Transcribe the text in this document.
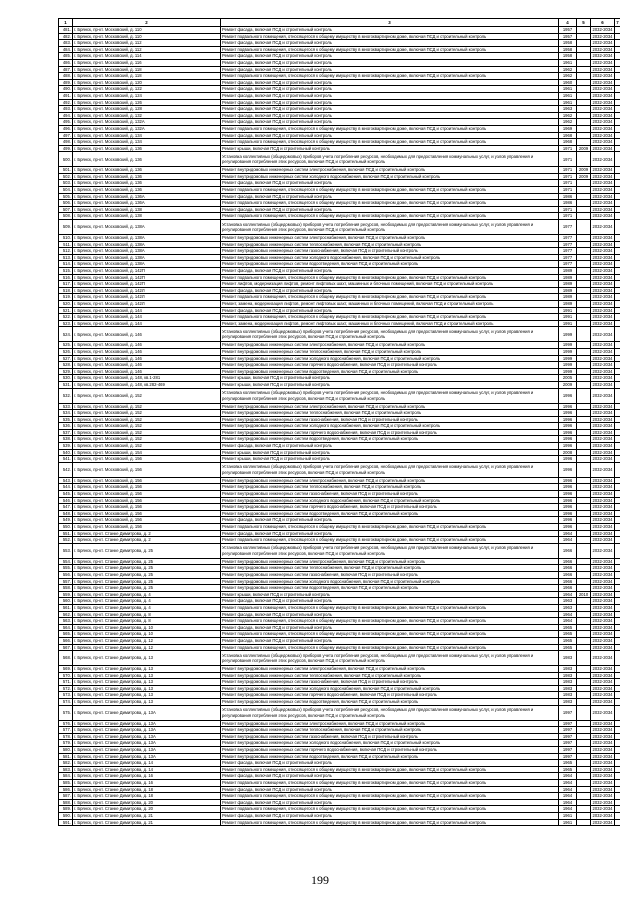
1	2	3	4	5	6	7
481.	г. Брянск, пр-кт. Московский, д. 110	Ремонт фасада, включая ПСД и строительный контроль	1957		2032-2034	
482.	г. Брянск, пр-кт. Московский, д. 110	Ремонт подвального помещения, относящегося к общему имуществу в многоквартирном доме, включая ПСД и строительный контроль	1957		2032-2034	
483.	г. Брянск, пр-кт. Московский, д. 112	Ремонт фасада, включая ПСД и строительный контроль	1958		2032-2034	
484.	г. Брянск, пр-кт. Московский, д. 112	Ремонт подвального помещения, относящегося к общему имуществу в многоквартирном доме, включая ПСД и строительный контроль	1958		2032-2034	
485.	г. Брянск, пр-кт. Московский, д. 114	Ремонт фасада, включая ПСД и строительный контроль	1958		2032-2034	
486.	г. Брянск, пр-кт. Московский, д. 116	Ремонт фасада, включая ПСД и строительный контроль	1961		2032-2034	
487.	г. Брянск, пр-кт. Московский, д. 118	Ремонт фасада, включая ПСД и строительный контроль	1962		2032-2034	
488.	г. Брянск, пр-кт. Московский, д. 118	Ремонт подвального помещения, относящегося к общему имуществу в многоквартирном доме, включая ПСД и строительный контроль	1962		2032-2034	
489.	г. Брянск, пр-кт. Московский, д. 120	Ремонт фасада, включая ПСД и строительный контроль	1960		2032-2034	
490.	г. Брянск, пр-кт. Московский, д. 122	Ремонт фасада, включая ПСД и строительный контроль	1961		2032-2034	
491.	г. Брянск, пр-кт. Московский, д. 124	Ремонт фасада, включая ПСД и строительный контроль	1961		2032-2034	
492.	г. Брянск, пр-кт. Московский, д. 126	Ремонт фасада, включая ПСД и строительный контроль	1961		2032-2034	
493.	г. Брянск, пр-кт. Московский, д. 128	Ремонт фасада, включая ПСД и строительный контроль	1963		2032-2034	
494.	г. Брянск, пр-кт. Московский, д. 132	Ремонт фасада, включая ПСД и строительный контроль	1962		2032-2034	
495.	г. Брянск, пр-кт. Московский, д. 132А	Ремонт фасада, включая ПСД и строительный контроль	1962		2032-2034	
496.	г. Брянск, пр-кт. Московский, д. 132А	Ремонт подвального помещения, относящегося к общему имуществу в многоквартирном доме, включая ПСД и строительный контроль	1969		2032-2034	
497.	г. Брянск, пр-кт. Московский, д. 134	Ремонт фасада, включая ПСД и строительный контроль	1968		2032-2034	
498.	г. Брянск, пр-кт. Московский, д. 134	Ремонт подвального помещения, относящегося к общему имуществу в многоквартирном доме, включая ПСД и строительный контроль	1968		2032-2034	
499.	г. Брянск, пр-кт. Московский, д. 136	Ремонт крыши, включая ПСД и строительный контроль	1971	2009	2032-2034	
500.	г. Брянск, пр-кт. Московский, д. 136	Установка коллективных (общедомовых) приборов учета потребления ресурсов, необходимых для предоставления коммунальных услуг, и узлов управления и регулирования потребления этих ресурсов, включая ПСД и строительный контроль	1971		2032-2034	
501.	г. Брянск, пр-кт. Московский, д. 136	Ремонт внутридомовых инженерных систем электроснабжения, включая ПСД и строительный контроль	1971	2009	2032-2034	
502.	г. Брянск, пр-кт. Московский, д. 136	Ремонт внутридомовых инженерных систем холодного водоснабжения, включая ПСД и строительный контроль	1971	2009	2032-2034	
503.	г. Брянск, пр-кт. Московский, д. 136	Ремонт фасада, включая ПСД и строительный контроль	1971		2032-2034	
504.	г. Брянск, пр-кт. Московский, д. 136	Ремонт подвального помещения, относящегося к общему имуществу в многоквартирном доме, включая ПСД и строительный контроль	1971		2032-2034	
505.	г. Брянск, пр-кт. Московский, д. 136А	Ремонт фасада, включая ПСД и строительный контроль	1986		2032-2034	
506.	г. Брянск, пр-кт. Московский, д. 136А	Ремонт подвального помещения, относящегося к общему имуществу в многоквартирном доме, включая ПСД и строительный контроль	1986		2032-2034	
507.	г. Брянск, пр-кт. Московский, д. 138	Ремонт фасада, включая ПСД и строительный контроль	1971		2032-2034	
508.	г. Брянск, пр-кт. Московский, д. 138	Ремонт подвального помещения, относящегося к общему имуществу в многоквартирном доме, включая ПСД и строительный контроль	1971		2032-2034	
509.	г. Брянск, пр-кт. Московский, д. 138А	Установка коллективных (общедомовых) приборов учета потребления ресурсов, необходимых для предоставления коммунальных услуг, и узлов управления и регулирования потребления этих ресурсов, включая ПСД и строительный контроль	1977		2032-2034	
510.	г. Брянск, пр-кт. Московский, д. 138А	Ремонт внутридомовых инженерных систем электроснабжения, включая ПСД и строительный контроль	1977		2032-2034	
511.	г. Брянск, пр-кт. Московский, д. 138А	Ремонт внутридомовых инженерных систем теплоснабжения, включая ПСД и строительный контроль	1977		2032-2034	
512.	г. Брянск, пр-кт. Московский, д. 138А	Ремонт внутридомовых инженерных систем газоснабжения, включая ПСД и строительный контроль	1977		2032-2034	
513.	г. Брянск, пр-кт. Московский, д. 138А	Ремонт внутридомовых инженерных систем холодного водоснабжения, включая ПСД и строительный контроль	1977		2032-2034	
514.	г. Брянск, пр-кт. Московский, д. 138А	Ремонт внутридомовых инженерных систем водоотведения, включая ПСД и строительный контроль	1977		2032-2034	
515.	г. Брянск, пр-кт. Московский, д. 142П	Ремонт фасада, включая ПСД и строительный контроль	1989		2032-2034	
516.	г. Брянск, пр-кт. Московский, д. 142П	Ремонт подвального помещения, относящегося к общему имуществу в многоквартирном доме, включая ПСД и строительный контроль	1989		2032-2034	
517.	г. Брянск, пр-кт. Московский, д. 142П	Ремонт лифтов, модернизация лифтов, ремонт лифтовых шахт, машинных и блочных помещений, включая ПСД и строительный контроль	1989		2032-2034	
518.	г. Брянск, пр-кт. Московский, д. 142Л	Ремонт фасада, включая ПСД и строительный контроль	1989		2032-2034	
519.	г. Брянск, пр-кт. Московский, д. 142Л	Ремонт подвального помещения, относящегося к общему имуществу в многоквартирном доме, включая ПСД и строительный контроль	1989		2032-2034	
520.	г. Брянск, пр-кт. Московский, д. 142Л	Ремонт, замена, модернизация лифтов, ремонт лифтовых шахт, машинных и блочных помещений, включая ПСД и строительный контроль	1989		2032-2034	
521.	г. Брянск, пр-кт. Московский, д. 144	Ремонт фасада, включая ПСД и строительный контроль	1991		2032-2034	
522.	г. Брянск, пр-кт. Московский, д. 144	Ремонт подвального помещения, относящегося к общему имуществу в многоквартирном доме, включая ПСД и строительный контроль	1991		2032-2034	
523.	г. Брянск, пр-кт. Московский, д. 144	Ремонт, замена, модернизация лифтов, ремонт лифтовых шахт, машинных и блочных помещений, включая ПСД и строительный контроль	1991		2032-2034	
524.	г. Брянск, пр-кт. Московский, д. 146	Установка коллективных (общедомовых) приборов учета потребления ресурсов, необходимых для предоставления коммунальных услуг, и узлов управления и регулирования потребления этих ресурсов, включая ПСД и строительный контроль	1999		2032-2034	
525.	г. Брянск, пр-кт. Московский, д. 146	Ремонт внутридомовых инженерных систем электроснабжения, включая ПСД и строительный контроль	1999		2032-2034	
526.	г. Брянск, пр-кт. Московский, д. 146	Ремонт внутридомовых инженерных систем теплоснабжения, включая ПСД и строительный контроль	1999		2032-2034	
527.	г. Брянск, пр-кт. Московский, д. 146	Ремонт внутридомовых инженерных систем холодного водоснабжения, включая ПСД и строительный контроль	1999		2032-2034	
528.	г. Брянск, пр-кт. Московский, д. 146	Ремонт внутридомовых инженерных систем горячего водоснабжения, включая ПСД и строительный контроль	1999		2032-2034	
529.	г. Брянск, пр-кт. Московский, д. 146	Ремонт внутридомовых инженерных систем водоотведения, включая ПСД и строительный контроль	1999		2032-2034	
530.	г. Брянск, пр-кт. Московский, д. 148, кв.1-281	Ремонт крыши, включая ПСД и строительный контроль	2005		2032-2034	
531.	г. Брянск, пр-кт. Московский, д. 148, кв.282-469	Ремонт крыши, включая ПСД и строительный контроль	2009		2032-2034	
532.	г. Брянск, пр-кт. Московский, д. 152	Установка коллективных (общедомовых) приборов учета потребления ресурсов, необходимых для предоставления коммунальных услуг, и узлов управления и регулирования потребления этих ресурсов, включая ПСД и строительный контроль	1996		2032-2034	
533.	г. Брянск, пр-кт. Московский, д. 152	Ремонт внутридомовых инженерных систем электроснабжения, включая ПСД и строительный контроль	1996		2032-2034	
534.	г. Брянск, пр-кт. Московский, д. 152	Ремонт внутридомовых инженерных систем теплоснабжения, включая ПСД и строительный контроль	1996		2032-2034	
535.	г. Брянск, пр-кт. Московский, д. 152	Ремонт внутридомовых инженерных систем газоснабжения, включая ПСД и строительный контроль	1996		2032-2034	
536.	г. Брянск, пр-кт. Московский, д. 152	Ремонт внутридомовых инженерных систем холодного водоснабжения, включая ПСД и строительный контроль	1996		2032-2034	
537.	г. Брянск, пр-кт. Московский, д. 152	Ремонт внутридомовых инженерных систем горячего водоснабжения, включая ПСД и строительный контроль	1996		2032-2034	
538.	г. Брянск, пр-кт. Московский, д. 152	Ремонт внутридомовых инженерных систем водоотведения, включая ПСД и строительный контроль	1996		2032-2034	
539.	г. Брянск, пр-кт. Московский, д. 152	Ремонт фасада, включая ПСД и строительный контроль	1996		2032-2034	
540.	г. Брянск, пр-кт. Московский, д. 154	Ремонт крыши, включая ПСД и строительный контроль	2008		2032-2034	
541.	г. Брянск, пр-кт. Московский, д. 156	Ремонт крыши, включая ПСД и строительный контроль	1996		2032-2034	
542.	г. Брянск, пр-кт. Московский, д. 156	Установка коллективных (общедомовых) приборов учета потребления ресурсов, необходимых для предоставления коммунальных услуг, и узлов управления и регулирования потребления этих ресурсов, включая ПСД и строительный контроль	1996		2032-2034	
543.	г. Брянск, пр-кт. Московский, д. 156	Ремонт внутридомовых инженерных систем электроснабжения, включая ПСД и строительный контроль	1996		2032-2034	
544.	г. Брянск, пр-кт. Московский, д. 156	Ремонт внутридомовых инженерных систем теплоснабжения, включая ПСД и строительный контроль	1996		2032-2034	
545.	г. Брянск, пр-кт. Московский, д. 156	Ремонт внутридомовых инженерных систем газоснабжения, включая ПСД и строительный контроль	1996		2032-2034	
546.	г. Брянск, пр-кт. Московский, д. 156	Ремонт внутридомовых инженерных систем холодного водоснабжения, включая ПСД и строительный контроль	1996		2032-2034	
547.	г. Брянск, пр-кт. Московский, д. 156	Ремонт внутридомовых инженерных систем горячего водоснабжения, включая ПСД и строительный контроль	1996		2032-2034	
548.	г. Брянск, пр-кт. Московский, д. 156	Ремонт внутридомовых инженерных систем водоотведения, включая ПСД и строительный контроль	1996		2032-2034	
549.	г. Брянск, пр-кт. Московский, д. 156	Ремонт фасада, включая ПСД и строительный контроль	1996		2032-2034	
550.	г. Брянск, пр-кт. Московский, д. 156	Ремонт подвального помещения, относящегося к общему имуществу в многоквартирном доме, включая ПСД и строительный контроль	1996		2032-2034	
551.	г. Брянск, пр-кт. Станке Димитрова, д. 2	Ремонт фасада, включая ПСД и строительный контроль	1964		2032-2034	
552.	г. Брянск, пр-кт. Станке Димитрова, д. 2	Ремонт подвального помещения, относящегося к общему имуществу в многоквартирном доме, включая ПСД и строительный контроль	1964		2032-2034	
553.	г. Брянск, пр-кт. Станке Димитрова, д. 25	Установка коллективных (общедомовых) приборов учета потребления ресурсов, необходимых для предоставления коммунальных услуг, и узлов управления и регулирования потребления этих ресурсов, включая ПСД и строительный контроль	1966		2032-2034	
554.	г. Брянск, пр-кт. Станке Димитрова, д. 25	Ремонт внутридомовых инженерных систем электроснабжения, включая ПСД и строительный контроль	1966		2032-2034	
555.	г. Брянск, пр-кт. Станке Димитрова, д. 25	Ремонт внутридомовых инженерных систем теплоснабжения, включая ПСД и строительный контроль	1966		2032-2034	
556.	г. Брянск, пр-кт. Станке Димитрова, д. 25	Ремонт внутридомовых инженерных систем газоснабжения, включая ПСД и строительный контроль	1966		2032-2034	
557.	г. Брянск, пр-кт. Станке Димитрова, д. 25	Ремонт внутридомовых инженерных систем холодного водоснабжения, включая ПСД и строительный контроль	1966		2032-2034	
558.	г. Брянск, пр-кт. Станке Димитрова, д. 25	Ремонт внутридомовых инженерных систем водоотведения, включая ПСД и строительный контроль	1966		2032-2034	
559.	г. Брянск, пр-кт. Станке Димитрова, д. 4	Ремонт крыши, включая ПСД и строительный контроль	1964	2010	2032-2034	
560.	г. Брянск, пр-кт. Станке Димитрова, д. 4	Ремонт фасада, включая ПСД и строительный контроль	1963		2032-2034	
561.	г. Брянск, пр-кт. Станке Димитрова, д. 4	Ремонт подвального помещения, относящегося к общему имуществу в многоквартирном доме, включая ПСД и строительный контроль	1963		2032-2034	
562.	г. Брянск, пр-кт. Станке Димитрова, д. 8	Ремонт фасада, включая ПСД и строительный контроль	1964		2032-2034	
563.	г. Брянск, пр-кт. Станке Димитрова, д. 8	Ремонт подвального помещения, относящегося к общему имуществу в многоквартирном доме, включая ПСД и строительный контроль	1964		2032-2034	
564.	г. Брянск, пр-кт. Станке Димитрова, д. 10	Ремонт фасада, включая ПСД и строительный контроль	1965		2032-2034	
565.	г. Брянск, пр-кт. Станке Димитрова, д. 10	Ремонт подвального помещения, относящегося к общему имуществу в многоквартирном доме, включая ПСД и строительный контроль	1965		2032-2034	
566.	г. Брянск, пр-кт. Станке Димитрова, д. 12	Ремонт фасада, включая ПСД и строительный контроль	1965		2032-2034	
567.	г. Брянск, пр-кт. Станке Димитрова, д. 12	Ремонт подвального помещения, относящегося к общему имуществу в многоквартирном доме, включая ПСД и строительный контроль	1965		2032-2034	
568.	г. Брянск, пр-кт. Станке Димитрова, д. 13	Установка коллективных (общедомовых) приборов учета потребления ресурсов, необходимых для предоставления коммунальных услуг, и узлов управления и регулирования потребления этих ресурсов, включая ПСД и строительный контроль	1983		2032-2034	
569.	г. Брянск, пр-кт. Станке Димитрова, д. 13	Ремонт внутридомовых инженерных систем электроснабжения, включая ПСД и строительный контроль	1983		2032-2034	
570.	г. Брянск, пр-кт. Станке Димитрова, д. 13	Ремонт внутридомовых инженерных систем теплоснабжения, включая ПСД и строительный контроль	1983		2032-2034	
571.	г. Брянск, пр-кт. Станке Димитрова, д. 13	Ремонт внутридомовых инженерных систем газоснабжения, включая ПСД и строительный контроль	1983		2032-2034	
572.	г. Брянск, пр-кт. Станке Димитрова, д. 13	Ремонт внутридомовых инженерных систем холодного водоснабжения, включая ПСД и строительный контроль	1983		2032-2034	
573.	г. Брянск, пр-кт. Станке Димитрова, д. 13	Ремонт внутридомовых инженерных систем горячего водоснабжения, включая ПСД и строительный контроль	1983		2032-2034	
574.	г. Брянск, пр-кт. Станке Димитрова, д. 13	Ремонт внутридомовых инженерных систем водоотведения, включая ПСД и строительный контроль	1983		2032-2034	
575.	г. Брянск, пр-кт. Станке Димитрова, д. 13А	Установка коллективных (общедомовых) приборов учета потребления ресурсов, необходимых для предоставления коммунальных услуг, и узлов управления и регулирования потребления этих ресурсов, включая ПСД и строительный контроль	1997		2032-2034	
576.	г. Брянск, пр-кт. Станке Димитрова, д. 13А	Ремонт внутридомовых инженерных систем электроснабжения, включая ПСД и строительный контроль	1997		2032-2034	
577.	г. Брянск, пр-кт. Станке Димитрова, д. 13А	Ремонт внутридомовых инженерных систем теплоснабжения, включая ПСД и строительный контроль	1997		2032-2034	
578.	г. Брянск, пр-кт. Станке Димитрова, д. 13А	Ремонт внутридомовых инженерных систем газоснабжения, включая ПСД и строительный контроль	1997		2032-2034	
579.	г. Брянск, пр-кт. Станке Димитрова, д. 13А	Ремонт внутридомовых инженерных систем холодного водоснабжения, включая ПСД и строительный контроль	1997		2032-2034	
580.	г. Брянск, пр-кт. Станке Димитрова, д. 13А	Ремонт внутридомовых инженерных систем горячего водоснабжения, включая ПСД и строительный контроль	1997		2032-2034	
581.	г. Брянск, пр-кт. Станке Димитрова, д. 13А	Ремонт внутридомовых инженерных систем водоотведения, включая ПСД и строительный контроль	1997		2032-2034	
582.	г. Брянск, пр-кт. Станке Димитрова, д. 14	Ремонт фасада, включая ПСД и строительный контроль	1965		2032-2034	
583.	г. Брянск, пр-кт. Станке Димитрова, д. 14	Ремонт подвального помещения, относящегося к общему имуществу в многоквартирном доме, включая ПСД и строительный контроль	1965		2032-2034	
584.	г. Брянск, пр-кт. Станке Димитрова, д. 16	Ремонт фасада, включая ПСД и строительный контроль	1964		2032-2034	
585.	г. Брянск, пр-кт. Станке Димитрова, д. 16	Ремонт подвального помещения, относящегося к общему имуществу в многоквартирном доме, включая ПСД и строительный контроль	1964		2032-2034	
586.	г. Брянск, пр-кт. Станке Димитрова, д. 18	Ремонт фасада, включая ПСД и строительный контроль	1964		2032-2034	
587.	г. Брянск, пр-кт. Станке Димитрова, д. 18	Ремонт подвального помещения, относящегося к общему имуществу в многоквартирном доме, включая ПСД и строительный контроль	1964		2032-2034	
588.	г. Брянск, пр-кт. Станке Димитрова, д. 20	Ремонт фасада, включая ПСД и строительный контроль	1964		2032-2034	
589.	г. Брянск, пр-кт. Станке Димитрова, д. 20	Ремонт подвального помещения, относящегося к общему имуществу в многоквартирном доме, включая ПСД и строительный контроль	1964		2032-2034	
590.	г. Брянск, пр-кт. Станке Димитрова, д. 21	Ремонт фасада, включая ПСД и строительный контроль	1961		2032-2034	
591.	г. Брянск, пр-кт. Станке Димитрова, д. 21	Ремонт подвального помещения, относящегося к общему имуществу в многоквартирном доме, включая ПСД и строительный контроль	1961		2032-2034	
199
